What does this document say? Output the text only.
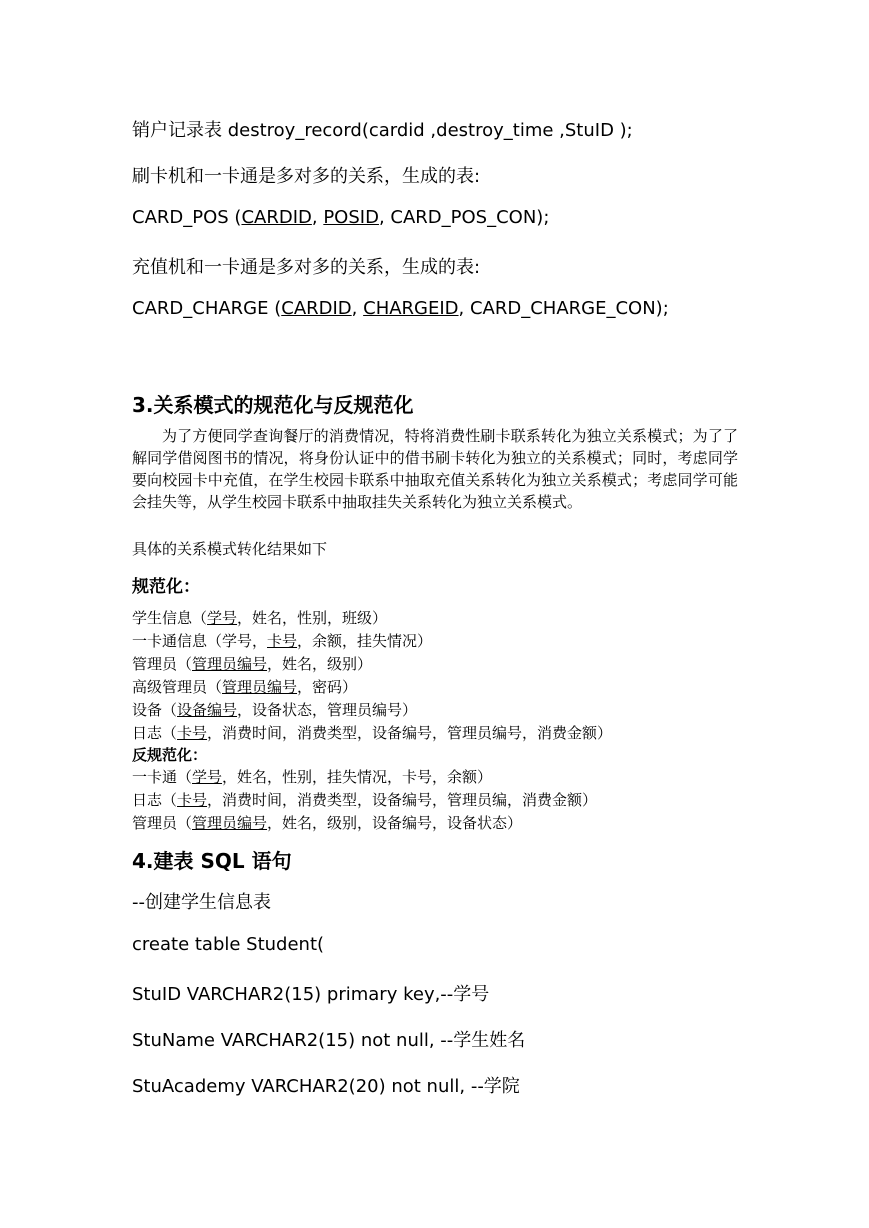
销户记录表 destroy_record(cardid ,destroy_time ,StuID );
刷卡机和一卡通是多对多的关系，生成的表:
CARD_POS (CARDID, POSID, CARD_POS_CON);
充值机和一卡通是多对多的关系，生成的表:
CARD_CHARGE (CARDID, CHARGEID, CARD_CHARGE_CON);
3.关系模式的规范化与反规范化
为了方便同学查询餐厅的消费情况，特将消费性刷卡联系转化为独立关系模式；为了了解同学借阅图书的情况，将身份认证中的借书刷卡转化为独立的关系模式；同时，考虑同学要向校园卡中充值，在学生校园卡联系中抽取充值关系转化为独立关系模式；考虑同学可能会挂失等，从学生校园卡联系中抽取挂失关系转化为独立关系模式。
具体的关系模式转化结果如下
规范化：
学生信息（学号，姓名，性别，班级）
一卡通信息（学号，卡号，余额，挂失情况）
管理员（管理员编号，姓名，级别）
高级管理员（管理员编号，密码）
设备（设备编号，设备状态，管理员编号）
日志（卡号，消费时间，消费类型，设备编号，管理员编号，消费金额）
反规范化：
一卡通（学号，姓名，性别，挂失情况，卡号，余额）
日志（卡号，消费时间，消费类型，设备编号，管理员编，消费金额）
管理员（管理员编号，姓名，级别，设备编号，设备状态）
4.建表 SQL 语句
--创建学生信息表
create table Student(
StuID VARCHAR2(15) primary key,--学号
StuName VARCHAR2(15) not null, --学生姓名
StuAcademy VARCHAR2(20) not null, --学院
